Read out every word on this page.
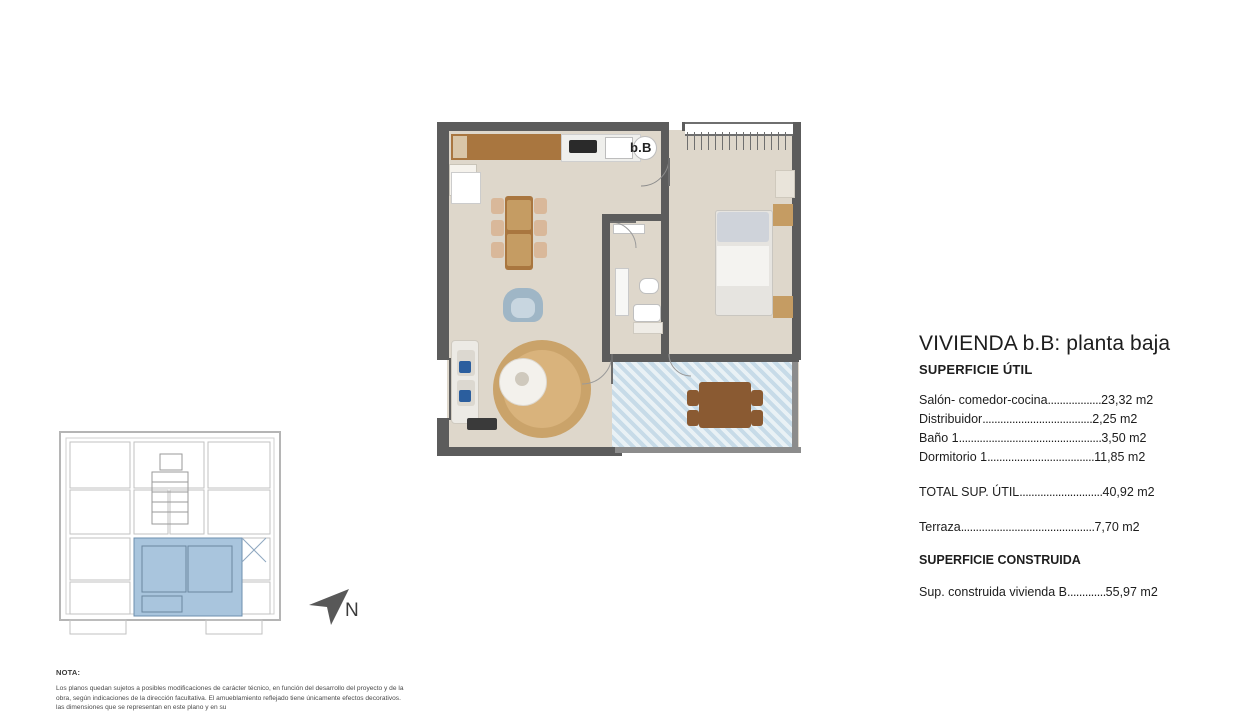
b.B
VIVIENDA b.B: planta baja
SUPERFICIE ÚTIL
Salón- comedor-cocina..................23,32 m2
Distribuidor.....................................2,25 m2
Baño 1................................................3,50 m2
Dormitorio 1....................................11,85 m2
TOTAL SUP. ÚTIL............................40,92 m2
Terraza.............................................7,70 m2
SUPERFICIE CONSTRUIDA
Sup. construida vivienda B.............55,97 m2
N
NOTA:
Los planos quedan sujetos a posibles modificaciones de carácter técnico, en función del desarrollo del proyecto y de la obra, según indicaciones de la dirección facultativa. El amueblamiento reflejado tiene únicamente efectos decorativos. las dimensiones que se representan en este plano y en su
